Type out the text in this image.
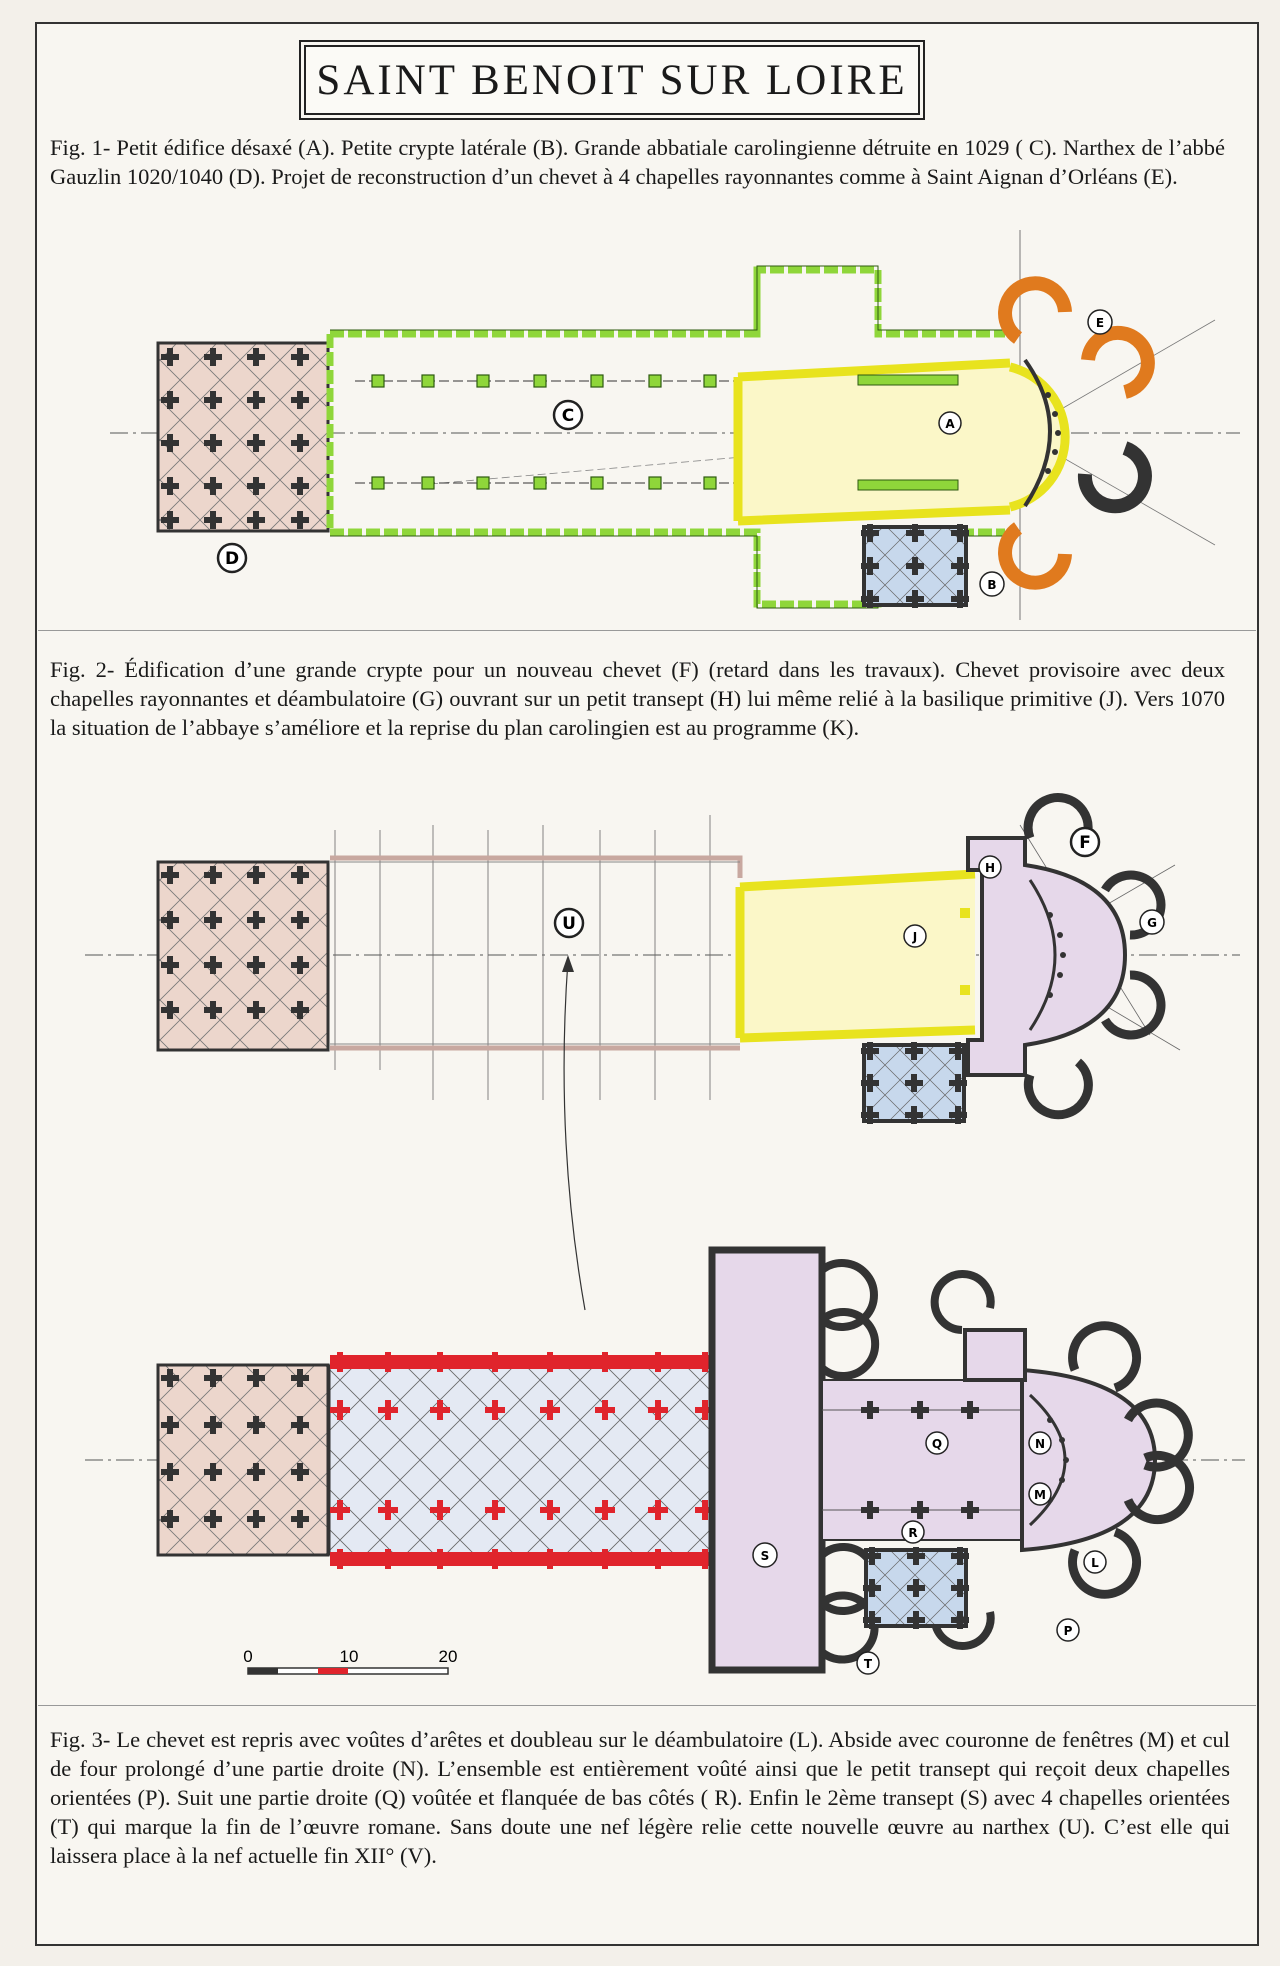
SAINT BENOIT SUR LOIRE
Fig. 1- Petit édifice désaxé (A). Petite crypte latérale (B). Grande abbatiale carolingienne détruite en 1029 ( C). Narthex de l’abbé Gauzlin 1020/1040 (D). Projet de reconstruction d’un chevet à 4 chapelles rayonnantes comme à Saint Aignan d’Orléans (E).
Fig. 2- Édification d’une grande crypte pour un nouveau chevet (F) (retard dans les travaux). Chevet provisoire avec deux chapelles rayonnantes et déambulatoire (G) ouvrant sur un petit transept (H) lui même relié à la basilique primitive (J). Vers 1070 la situation de l’abbaye s’améliore et la reprise du plan carolingien est au programme (K).
Fig. 3- Le chevet est repris avec voûtes d’arêtes et doubleau sur le déambulatoire (L). Abside avec couronne de fenêtres (M) et cul de four prolongé d’une partie droite (N). L’ensemble est entièrement voûté ainsi que le petit transept qui reçoit deux chapelles orientées (P). Suit une partie droite (Q) voûtée et flanquée de bas côtés ( R). Enfin le 2ème transept (S) avec 4 chapelles orientées (T) qui marque la fin de l’œuvre romane. Sans doute une nef légère relie cette nouvelle œuvre au narthex (U). C’est elle qui laissera place à la nef actuelle fin XII° (V).
C	A
D
E
B
U
J
H
F
G
0	10	20
Q	N
M
R
S	L
P
T
